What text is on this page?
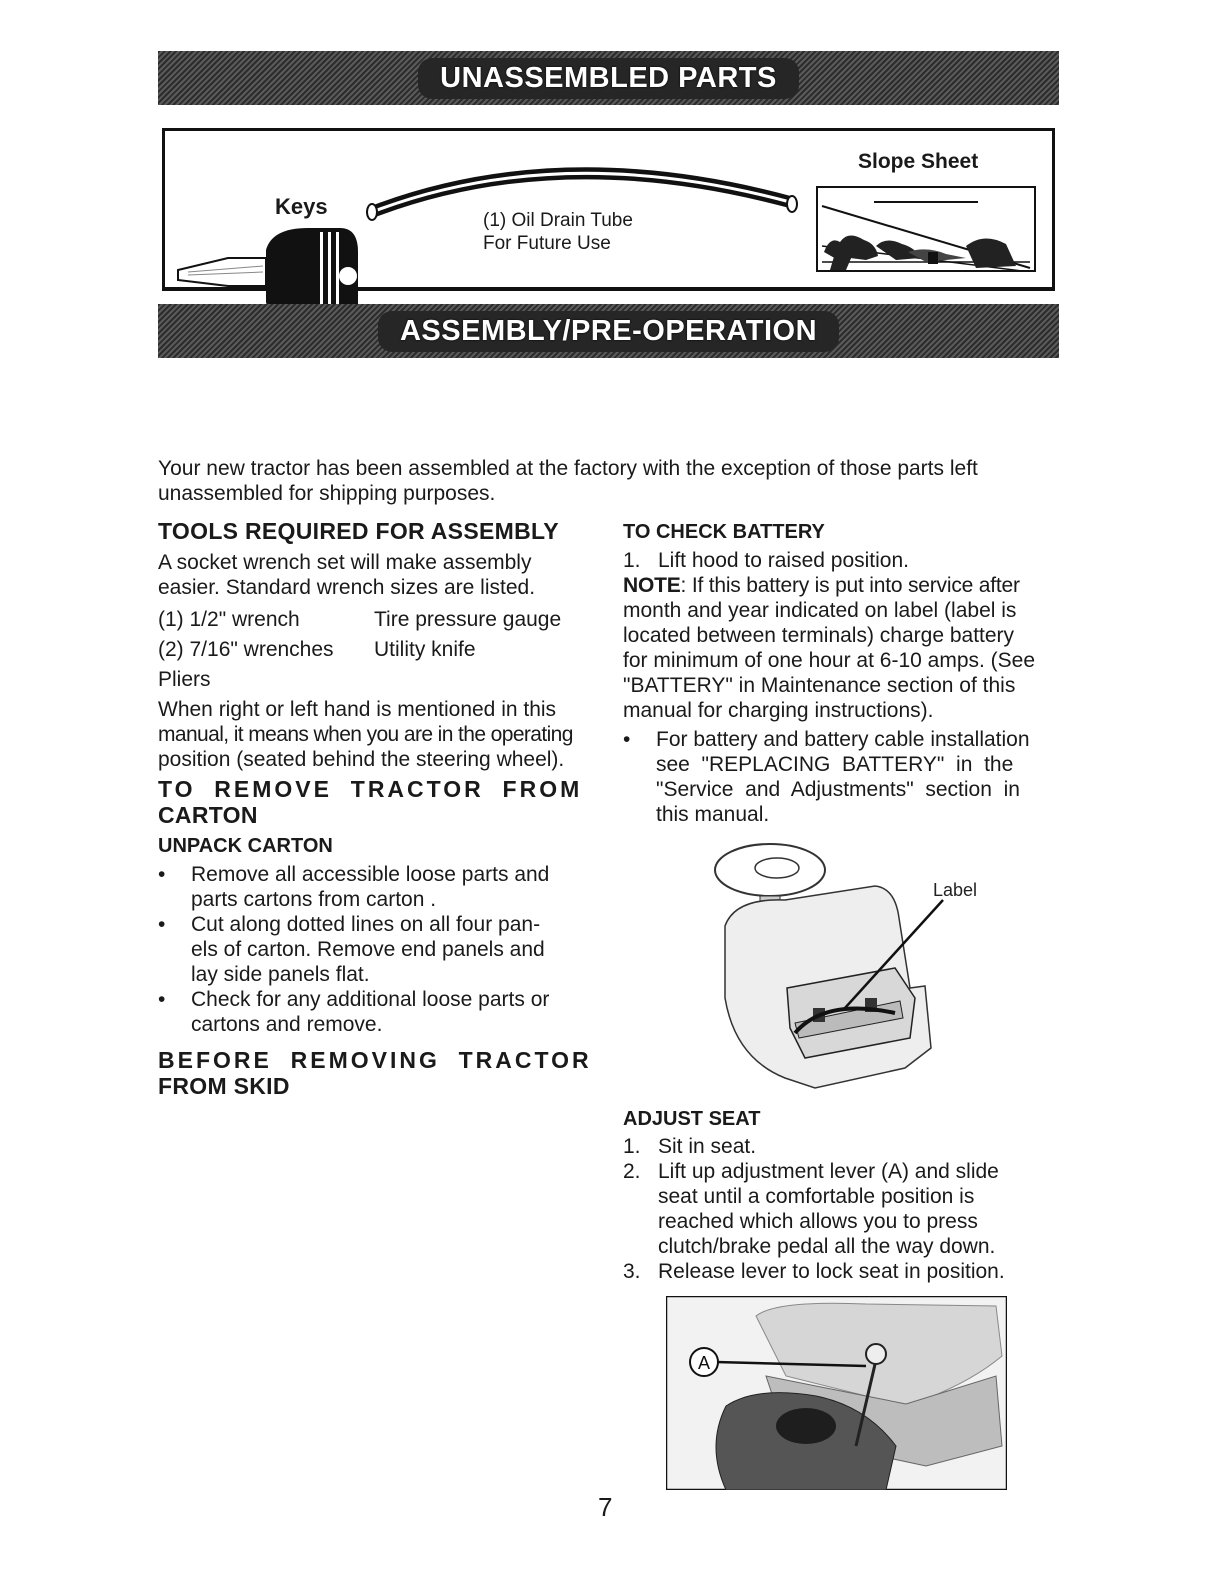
UNASSEMBLED PARTS
Keys
(1) Oil Drain Tube
For Future Use
Slope Sheet
ASSEMBLY/PRE-OPERATION
Your new tractor has been assembled at the factory with the exception of those parts left
unassembled for shipping purposes.
TOOLS REQUIRED FOR ASSEMBLY
A socket wrench set will make assembly
easier. Standard wrench sizes are listed.
(1) 1/2" wrench	Tire pressure gauge
(2) 7/16" wrenches	Utility knife
Pliers
When right or left hand is mentioned in this
manual, it means when you are in the operating
position (seated behind the steering wheel).
TO  REMOVE  TRACTOR  FROM
CARTON
UNPACK CARTON
•	Remove all accessible loose parts and
parts cartons from carton .
•	Cut along dotted lines on all four pan-
els of carton. Remove end panels and
lay side panels flat.
•	Check for any additional loose parts or
cartons and remove.
BEFORE  REMOVING  TRACTOR
FROM SKID
TO CHECK BATTERY
1. Lift hood to raised position.
NOTE: If this battery is put into service after
month and year indicated on label (label is
located between terminals) charge battery
for minimum of one hour at 6-10 amps. (See
"BATTERY" in Maintenance section of this
manual for charging instructions).
•	For battery and battery cable installation
see  "REPLACING  BATTERY"  in  the
"Service  and  Adjustments"  section  in
this manual.
Label
ADJUST SEAT
1. Sit in seat.
2. Lift up adjustment lever (A) and slide
seat until a comfortable position is
reached which allows you to press
clutch/brake pedal all the way down.
3. Release lever to lock seat in position.
A
7
